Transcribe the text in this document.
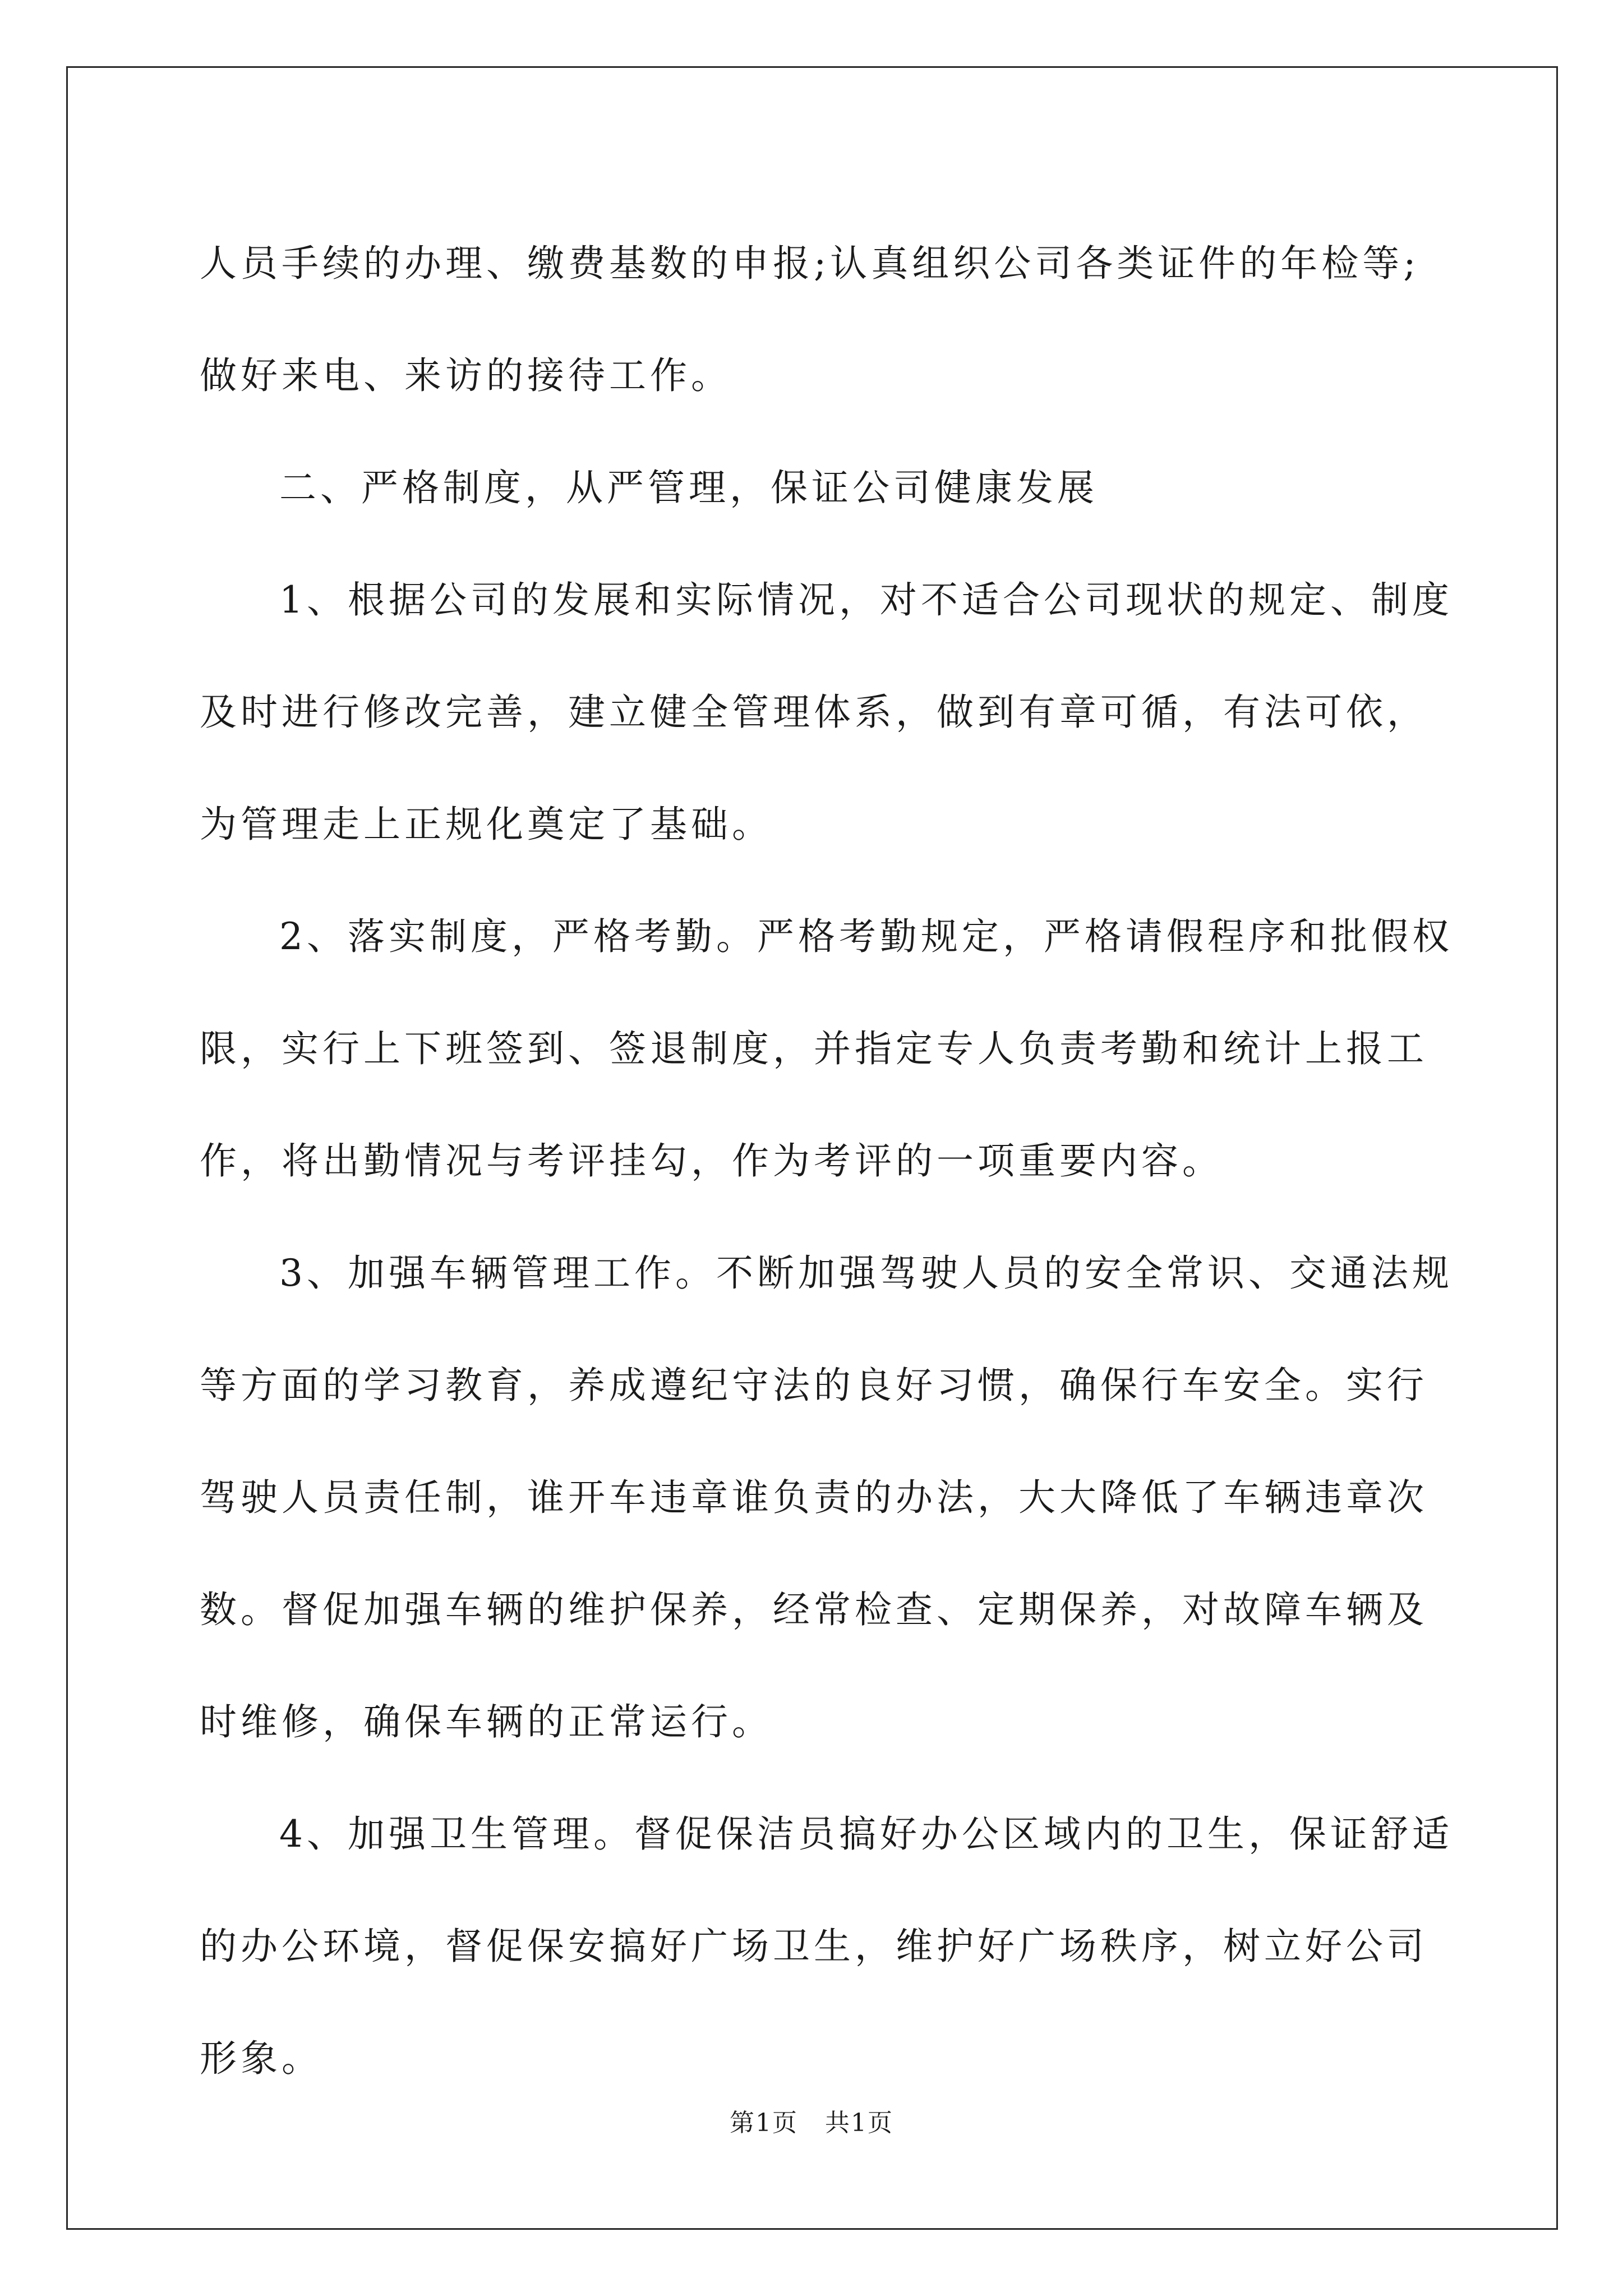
人员手续的办理、缴费基数的申报;认真组织公司各类证件的年检等;

做好来电、来访的接待工作。

二、严格制度，从严管理，保证公司健康发展

1、根据公司的发展和实际情况，对不适合公司现状的规定、制度

及时进行修改完善，建立健全管理体系，做到有章可循，有法可依，

为管理走上正规化奠定了基础。

2、落实制度，严格考勤。严格考勤规定，严格请假程序和批假权

限，实行上下班签到、签退制度，并指定专人负责考勤和统计上报工

作，将出勤情况与考评挂勾，作为考评的一项重要内容。

3、加强车辆管理工作。不断加强驾驶人员的安全常识、交通法规

等方面的学习教育，养成遵纪守法的良好习惯，确保行车安全。实行

驾驶人员责任制，谁开车违章谁负责的办法，大大降低了车辆违章次

数。督促加强车辆的维护保养，经常检查、定期保养，对故障车辆及

时维修，确保车辆的正常运行。

4、加强卫生管理。督促保洁员搞好办公区域内的卫生，保证舒适

的办公环境，督促保安搞好广场卫生，维护好广场秩序，树立好公司

形象。

第1页 共1页
